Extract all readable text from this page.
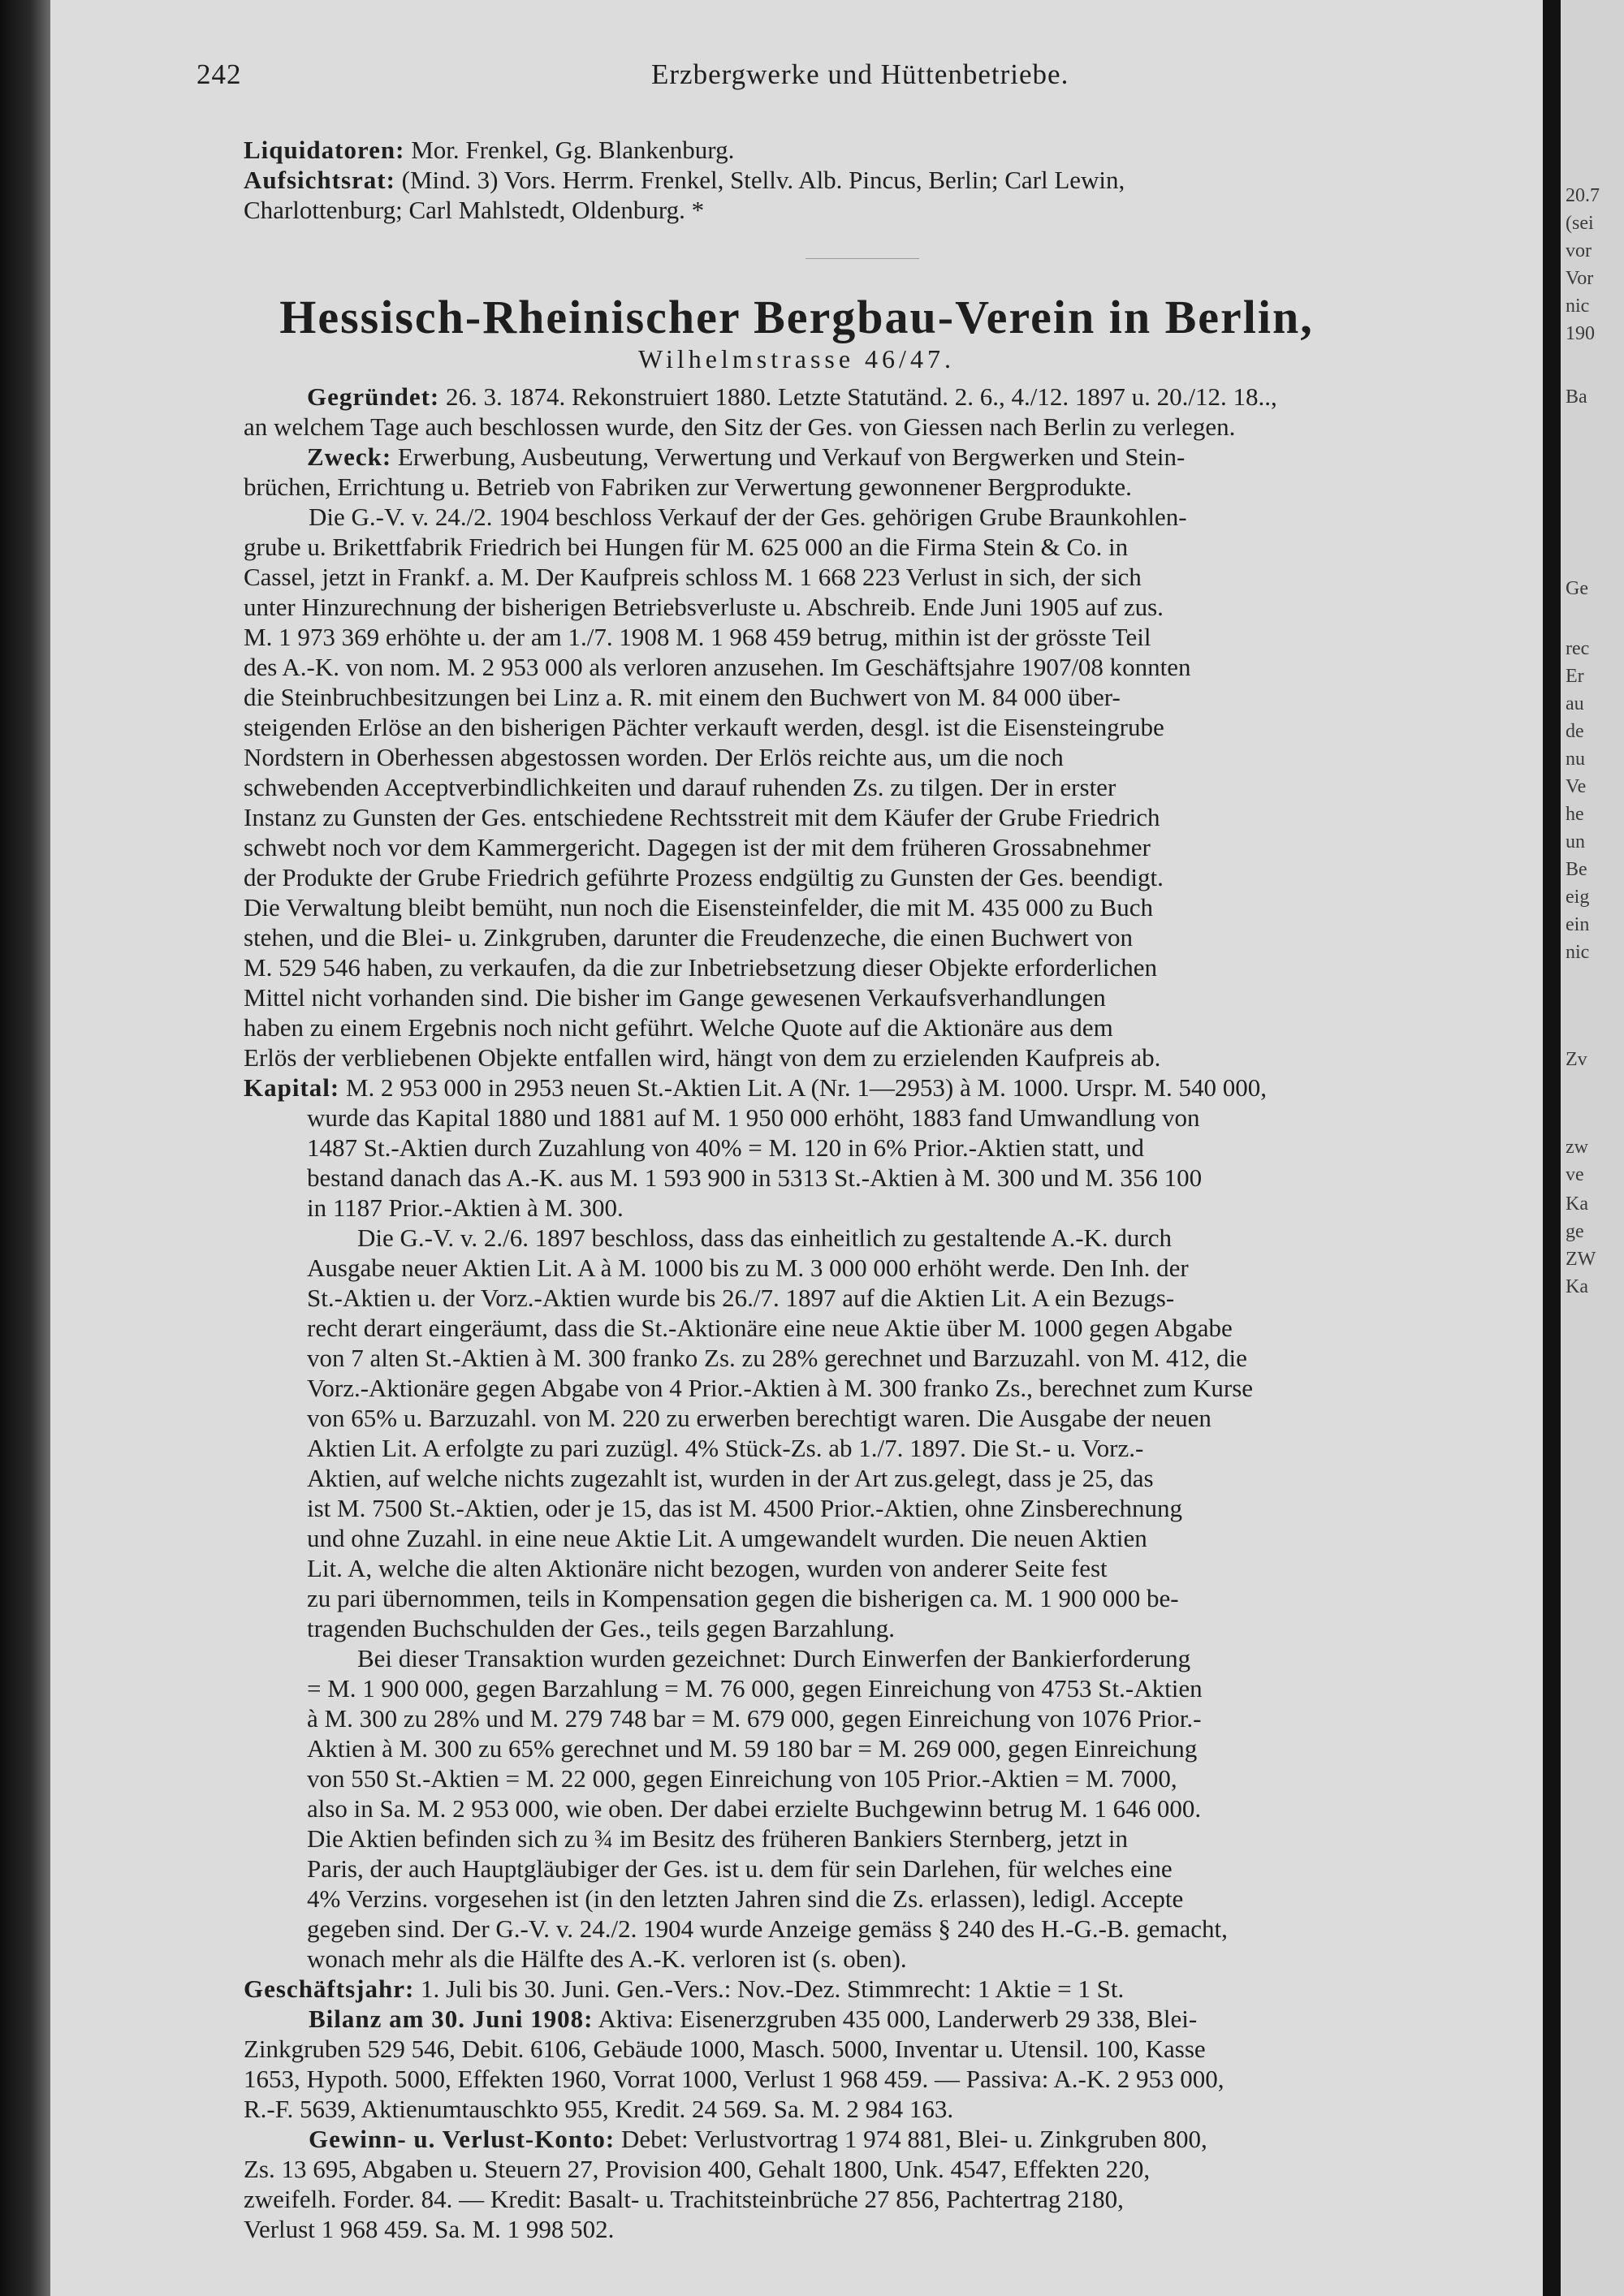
242	Erzbergwerke und Hüttenbetriebe.
Liquidatoren: Mor. Frenkel, Gg. Blankenburg.
Aufsichtsrat: (Mind. 3) Vors. Herrm. Frenkel, Stellv. Alb. Pincus, Berlin; Carl Lewin,
Charlottenburg; Carl Mahlstedt, Oldenburg. *
Hessisch-Rheinischer Bergbau-Verein in Berlin,
Wilhelmstrasse 46/47.
Gegründet: 26. 3. 1874. Rekonstruiert 1880. Letzte Statutänd. 2. 6., 4./12. 1897 u. 20./12. 18..,
an welchem Tage auch beschlossen wurde, den Sitz der Ges. von Giessen nach Berlin zu verlegen.
Zweck: Erwerbung, Ausbeutung, Verwertung und Verkauf von Bergwerken und Stein-
brüchen, Errichtung u. Betrieb von Fabriken zur Verwertung gewonnener Bergprodukte.
Die G.-V. v. 24./2. 1904 beschloss Verkauf der der Ges. gehörigen Grube Braunkohlen-
grube u. Brikettfabrik Friedrich bei Hungen für M. 625 000 an die Firma Stein & Co. in
Cassel, jetzt in Frankf. a. M. Der Kaufpreis schloss M. 1 668 223 Verlust in sich, der sich
unter Hinzurechnung der bisherigen Betriebsverluste u. Abschreib. Ende Juni 1905 auf zus.
M. 1 973 369 erhöhte u. der am 1./7. 1908 M. 1 968 459 betrug, mithin ist der grösste Teil
des A.-K. von nom. M. 2 953 000 als verloren anzusehen. Im Geschäftsjahre 1907/08 konnten
die Steinbruchbesitzungen bei Linz a. R. mit einem den Buchwert von M. 84 000 über-
steigenden Erlöse an den bisherigen Pächter verkauft werden, desgl. ist die Eisensteingrube
Nordstern in Oberhessen abgestossen worden. Der Erlös reichte aus, um die noch
schwebenden Acceptverbindlichkeiten und darauf ruhenden Zs. zu tilgen. Der in erster
Instanz zu Gunsten der Ges. entschiedene Rechtsstreit mit dem Käufer der Grube Friedrich
schwebt noch vor dem Kammergericht. Dagegen ist der mit dem früheren Grossabnehmer
der Produkte der Grube Friedrich geführte Prozess endgültig zu Gunsten der Ges. beendigt.
Die Verwaltung bleibt bemüht, nun noch die Eisensteinfelder, die mit M. 435 000 zu Buch
stehen, und die Blei- u. Zinkgruben, darunter die Freudenzeche, die einen Buchwert von
M. 529 546 haben, zu verkaufen, da die zur Inbetriebsetzung dieser Objekte erforderlichen
Mittel nicht vorhanden sind. Die bisher im Gange gewesenen Verkaufsverhandlungen
haben zu einem Ergebnis noch nicht geführt. Welche Quote auf die Aktionäre aus dem
Erlös der verbliebenen Objekte entfallen wird, hängt von dem zu erzielenden Kaufpreis ab.
Kapital: M. 2 953 000 in 2953 neuen St.-Aktien Lit. A (Nr. 1—2953) à M. 1000. Urspr. M. 540 000,
wurde das Kapital 1880 und 1881 auf M. 1 950 000 erhöht, 1883 fand Umwandlung von
1487 St.-Aktien durch Zuzahlung von 40% = M. 120 in 6% Prior.-Aktien statt, und
bestand danach das A.-K. aus M. 1 593 900 in 5313 St.-Aktien à M. 300 und M. 356 100
in 1187 Prior.-Aktien à M. 300.
Die G.-V. v. 2./6. 1897 beschloss, dass das einheitlich zu gestaltende A.-K. durch
Ausgabe neuer Aktien Lit. A à M. 1000 bis zu M. 3 000 000 erhöht werde. Den Inh. der
St.-Aktien u. der Vorz.-Aktien wurde bis 26./7. 1897 auf die Aktien Lit. A ein Bezugs-
recht derart eingeräumt, dass die St.-Aktionäre eine neue Aktie über M. 1000 gegen Abgabe
von 7 alten St.-Aktien à M. 300 franko Zs. zu 28% gerechnet und Barzuzahl. von M. 412, die
Vorz.-Aktionäre gegen Abgabe von 4 Prior.-Aktien à M. 300 franko Zs., berechnet zum Kurse
von 65% u. Barzuzahl. von M. 220 zu erwerben berechtigt waren. Die Ausgabe der neuen
Aktien Lit. A erfolgte zu pari zuzügl. 4% Stück-Zs. ab 1./7. 1897. Die St.- u. Vorz.-
Aktien, auf welche nichts zugezahlt ist, wurden in der Art zus.gelegt, dass je 25, das
ist M. 7500 St.-Aktien, oder je 15, das ist M. 4500 Prior.-Aktien, ohne Zinsberechnung
und ohne Zuzahl. in eine neue Aktie Lit. A umgewandelt wurden. Die neuen Aktien
Lit. A, welche die alten Aktionäre nicht bezogen, wurden von anderer Seite fest
zu pari übernommen, teils in Kompensation gegen die bisherigen ca. M. 1 900 000 be-
tragenden Buchschulden der Ges., teils gegen Barzahlung.
Bei dieser Transaktion wurden gezeichnet: Durch Einwerfen der Bankierforderung
= M. 1 900 000, gegen Barzahlung = M. 76 000, gegen Einreichung von 4753 St.-Aktien
à M. 300 zu 28% und M. 279 748 bar = M. 679 000, gegen Einreichung von 1076 Prior.-
Aktien à M. 300 zu 65% gerechnet und M. 59 180 bar = M. 269 000, gegen Einreichung
von 550 St.-Aktien = M. 22 000, gegen Einreichung von 105 Prior.-Aktien = M. 7000,
also in Sa. M. 2 953 000, wie oben. Der dabei erzielte Buchgewinn betrug M. 1 646 000.
Die Aktien befinden sich zu ¾ im Besitz des früheren Bankiers Sternberg, jetzt in
Paris, der auch Hauptgläubiger der Ges. ist u. dem für sein Darlehen, für welches eine
4% Verzins. vorgesehen ist (in den letzten Jahren sind die Zs. erlassen), ledigl. Accepte
gegeben sind. Der G.-V. v. 24./2. 1904 wurde Anzeige gemäss § 240 des H.-G.-B. gemacht,
wonach mehr als die Hälfte des A.-K. verloren ist (s. oben).
Geschäftsjahr: 1. Juli bis 30. Juni. Gen.-Vers.: Nov.-Dez. Stimmrecht: 1 Aktie = 1 St.
Bilanz am 30. Juni 1908: Aktiva: Eisenerzgruben 435 000, Landerwerb 29 338, Blei-
Zinkgruben 529 546, Debit. 6106, Gebäude 1000, Masch. 5000, Inventar u. Utensil. 100, Kasse
1653, Hypoth. 5000, Effekten 1960, Vorrat 1000, Verlust 1 968 459. — Passiva: A.-K. 2 953 000,
R.-F. 5639, Aktienumtauschkto 955, Kredit. 24 569. Sa. M. 2 984 163.
Gewinn- u. Verlust-Konto: Debet: Verlustvortrag 1 974 881, Blei- u. Zinkgruben 800,
Zs. 13 695, Abgaben u. Steuern 27, Provision 400, Gehalt 1800, Unk. 4547, Effekten 220,
zweifelh. Forder. 84. — Kredit: Basalt- u. Trachitsteinbrüche 27 856, Pachtertrag 2180,
Verlust 1 968 459. Sa. M. 1 998 502.
20.7
(sei
vor
Vor
nic
190
Ba
Ge
rec
Er
au
de
nu
Ve
he
un
Be
eig
ein
nic
Zv
zw
ve
Ka
ge
ZW
Ka
